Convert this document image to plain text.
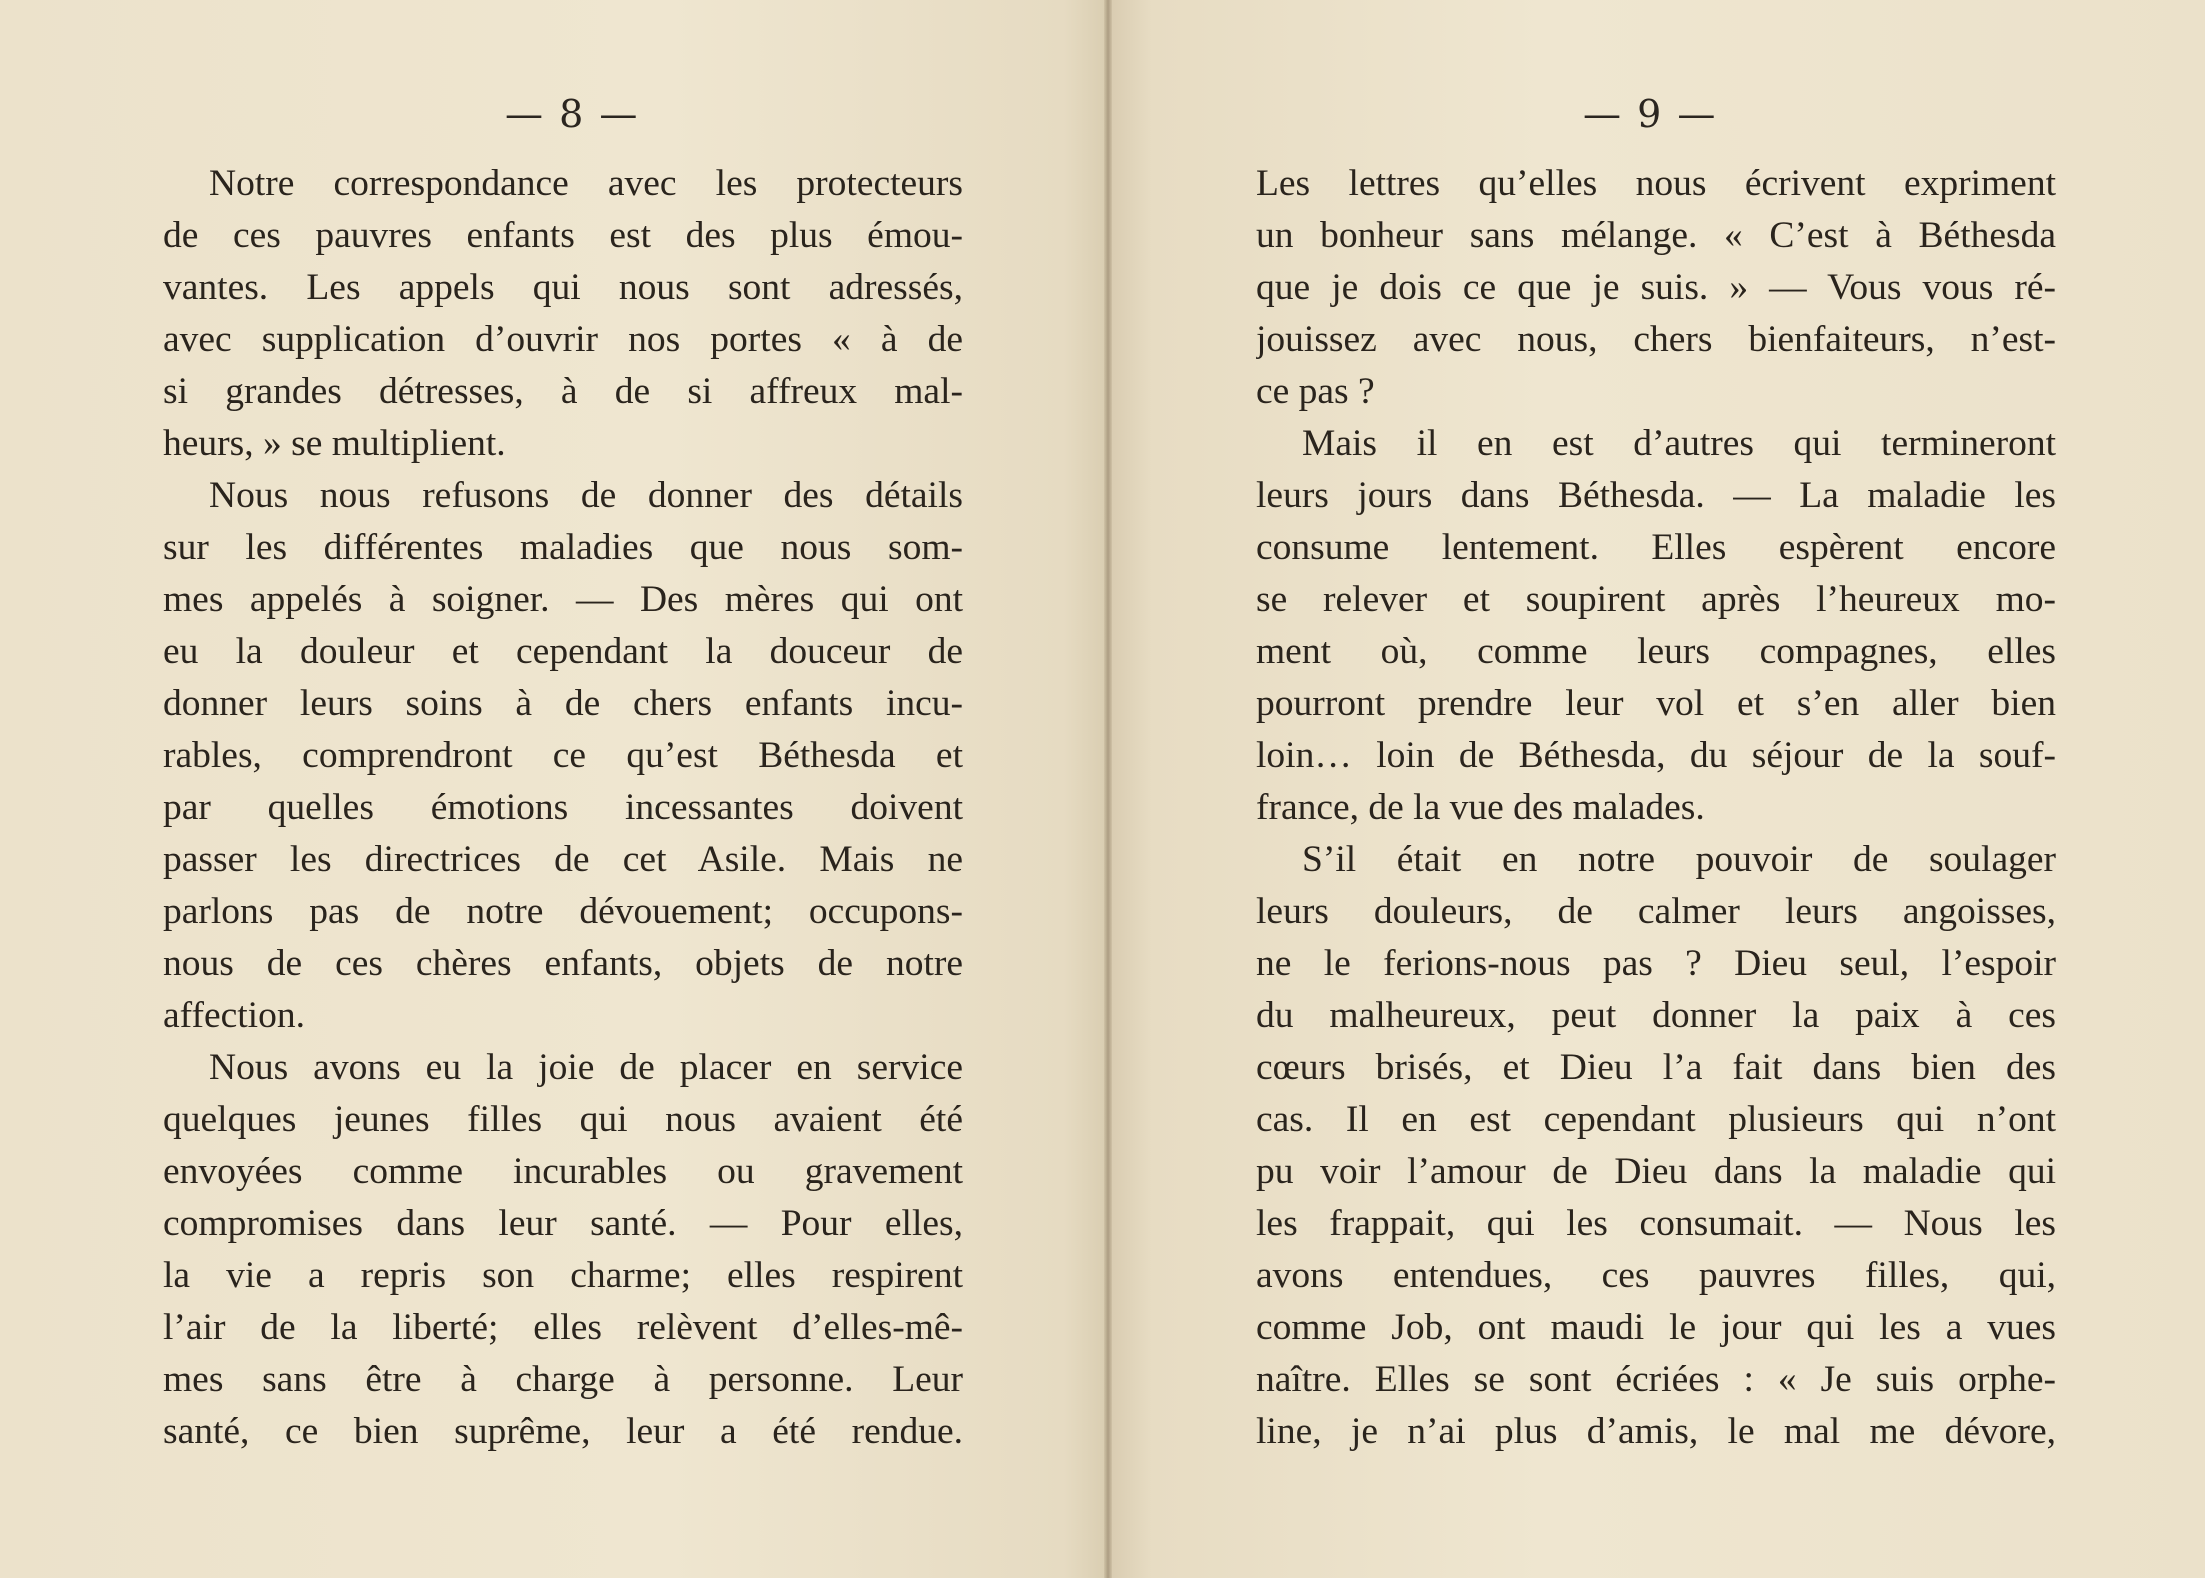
— 8 —
Notre correspondance avec les protecteurs
de ces pauvres enfants est des plus émou-
vantes. Les appels qui nous sont adressés,
avec supplication d’ouvrir nos portes « à de
si grandes détresses, à de si affreux mal-
heurs, » se multiplient.
Nous nous refusons de donner des détails
sur les différentes maladies que nous som-
mes appelés à soigner. — Des mères qui ont
eu la douleur et cependant la douceur de
donner leurs soins à de chers enfants incu-
rables, comprendront ce qu’est Béthesda et
par quelles émotions incessantes doivent
passer les directrices de cet Asile. Mais ne
parlons pas de notre dévouement; occupons-
nous de ces chères enfants, objets de notre
affection.
Nous avons eu la joie de placer en service
quelques jeunes filles qui nous avaient été
envoyées comme incurables ou gravement
compromises dans leur santé. — Pour elles,
la vie a repris son charme; elles respirent
l’air de la liberté; elles relèvent d’elles-mê-
mes sans être à charge à personne. Leur
santé, ce bien suprême, leur a été rendue.
— 9 —
Les lettres qu’elles nous écrivent expriment
un bonheur sans mélange. « C’est à Béthesda
que je dois ce que je suis. » — Vous vous ré-
jouissez avec nous, chers bienfaiteurs, n’est-
ce pas ?
Mais il en est d’autres qui termineront
leurs jours dans Béthesda. — La maladie les
consume lentement. Elles espèrent encore
se relever et soupirent après l’heureux mo-
ment où, comme leurs compagnes, elles
pourront prendre leur vol et s’en aller bien
loin… loin de Béthesda, du séjour de la souf-
france, de la vue des malades.
S’il était en notre pouvoir de soulager
leurs douleurs, de calmer leurs angoisses,
ne le ferions-nous pas ? Dieu seul, l’espoir
du malheureux, peut donner la paix à ces
cœurs brisés, et Dieu l’a fait dans bien des
cas. Il en est cependant plusieurs qui n’ont
pu voir l’amour de Dieu dans la maladie qui
les frappait, qui les consumait. — Nous les
avons entendues, ces pauvres filles, qui,
comme Job, ont maudi le jour qui les a vues
naître. Elles se sont écriées : « Je suis orphe-
line, je n’ai plus d’amis, le mal me dévore,
